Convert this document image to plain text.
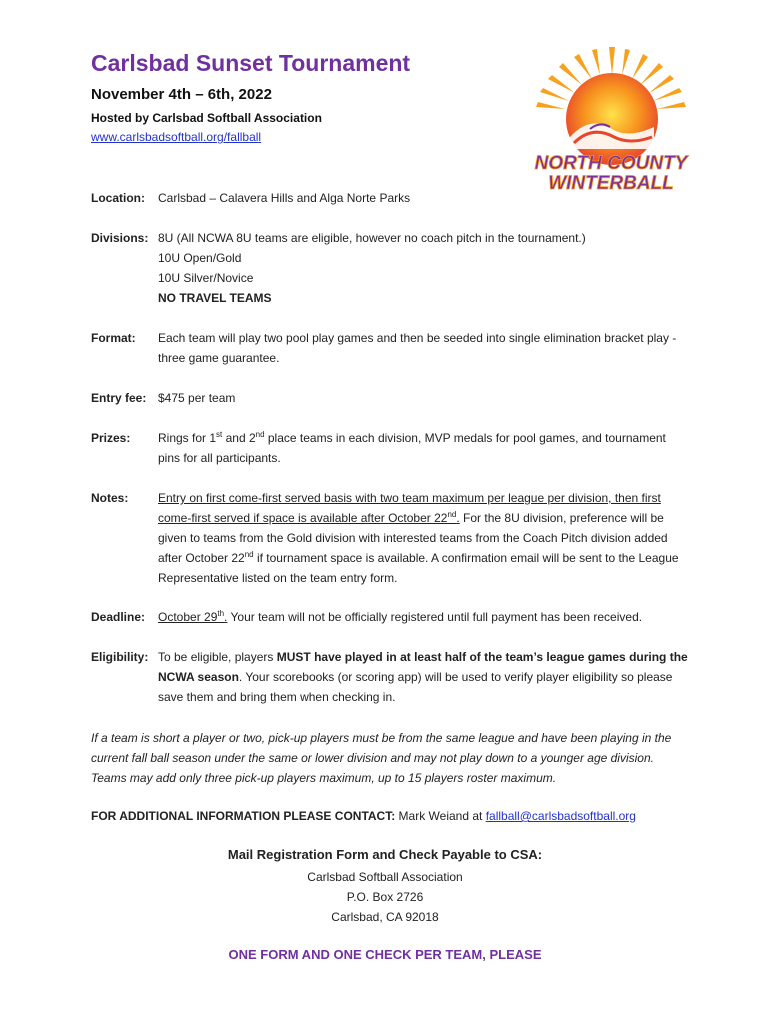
Carlsbad Sunset Tournament
November 4th – 6th, 2022
Hosted by Carlsbad Softball Association
www.carlsbadsoftball.org/fallball
NORTH COUNTY
WINTERBALL
Location: Carlsbad – Calavera Hills and Alga Norte Parks
Divisions: 8U (All NCWA 8U teams are eligible, however no coach pitch in the tournament.)
10U Open/Gold
10U Silver/Novice
NO TRAVEL TEAMS
Format: Each team will play two pool play games and then be seeded into single elimination bracket play - three game guarantee.
Entry fee: $475 per team
Prizes: Rings for 1st and 2nd place teams in each division, MVP medals for pool games, and tournament pins for all participants.
Notes: Entry on first come-first served basis with two team maximum per league per division, then first come-first served if space is available after October 22nd. For the 8U division, preference will be given to teams from the Gold division with interested teams from the Coach Pitch division added after October 22nd if tournament space is available. A confirmation email will be sent to the League Representative listed on the team entry form.
Deadline: October 29th. Your team will not be officially registered until full payment has been received.
Eligibility: To be eligible, players MUST have played in at least half of the team’s league games during the NCWA season. Your scorebooks (or scoring app) will be used to verify player eligibility so please save them and bring them when checking in.
If a team is short a player or two, pick-up players must be from the same league and have been playing in the current fall ball season under the same or lower division and may not play down to a younger age division. Teams may add only three pick-up players maximum, up to 15 players roster maximum.
FOR ADDITIONAL INFORMATION PLEASE CONTACT: Mark Weiand at fallball@carlsbadsoftball.org
Mail Registration Form and Check Payable to CSA:
Carlsbad Softball Association
P.O. Box 2726
Carlsbad, CA 92018
ONE FORM AND ONE CHECK PER TEAM, PLEASE
